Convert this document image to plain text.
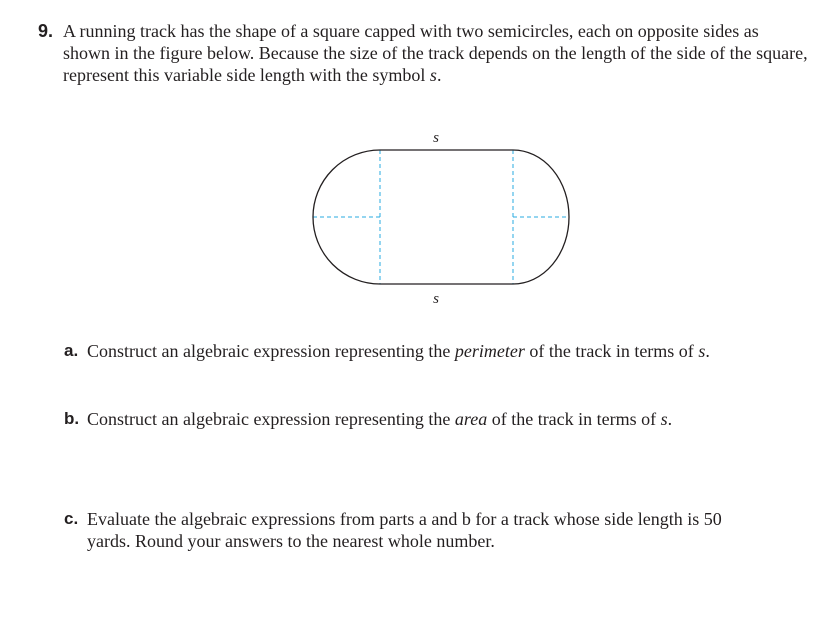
9. A running track has the shape of a square capped with two semicircles, each on opposite sides as shown in the figure below. Because the size of the track depends on the length of the side of the square, represent this variable side length with the symbol s.
s
s
a. Construct an algebraic expression representing the perimeter of the track in terms of s.
b. Construct an algebraic expression representing the area of the track in terms of s.
c. Evaluate the algebraic expressions from parts a and b for a track whose side length is 50 yards. Round your answers to the nearest whole number.
